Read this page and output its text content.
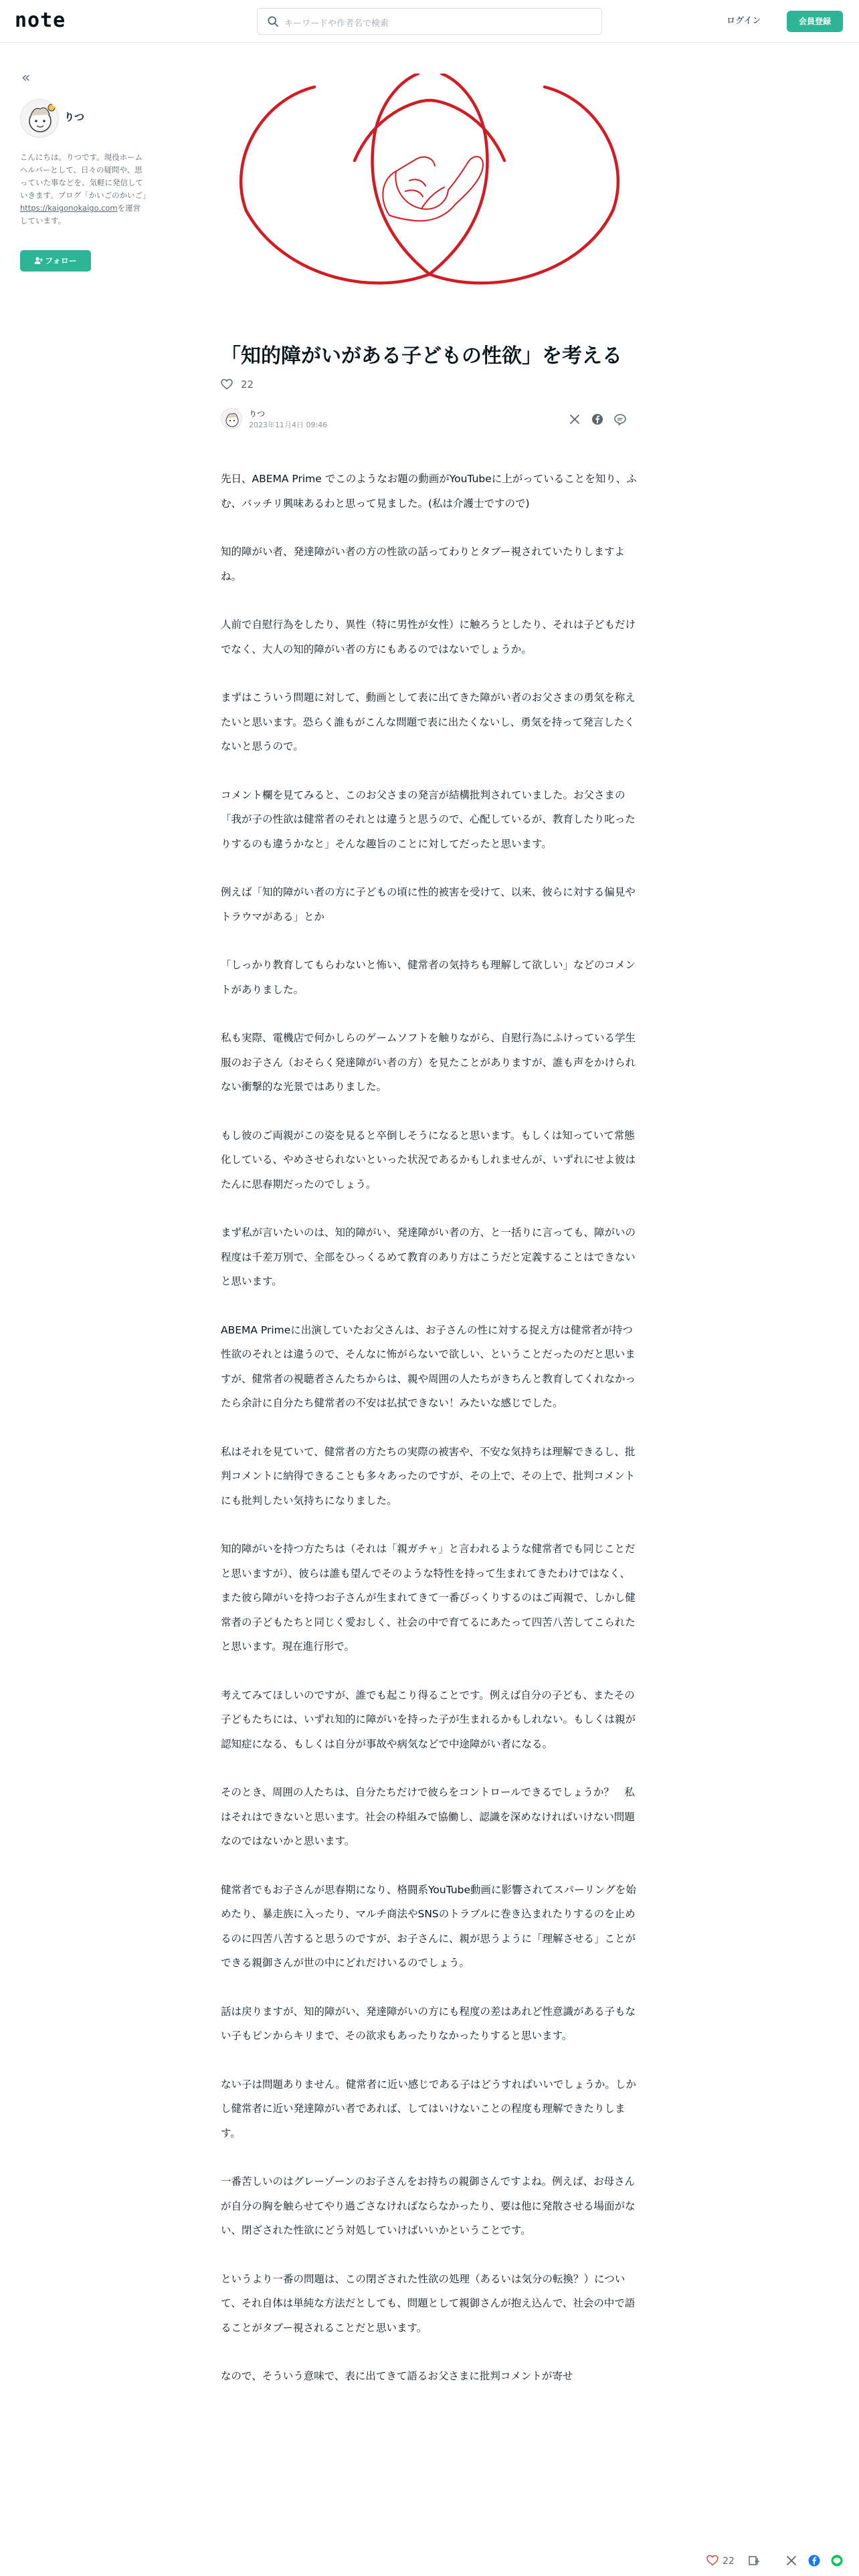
note	キーワードや作者名で検索	ログイン	会員登録
«
りつ
こんにちは。りつです。現役ホームヘルパーとして、日々の疑問や、思っていた事などを、気軽に発信していきます。ブログ「かいごのかいご」https://kaigonokaigo.comを運営しています。
フォロー
「知的障がいがある子どもの性欲」を考える
22
りつ
2023年11月4日 09:46

先日、ABEMA Prime でこのようなお題の動画がYouTubeに上がっていることを知り、ふむ、バッチリ興味あるわと思って見ました。(私は介護士ですので)

知的障がい者、発達障がい者の方の性欲の話ってわりとタブー視されていたりしますよね。

人前で自慰行為をしたり、異性（特に男性が女性）に触ろうとしたり、それは子どもだけでなく、大人の知的障がい者の方にもあるのではないでしょうか。

まずはこういう問題に対して、動画として表に出てきた障がい者のお父さまの勇気を称えたいと思います。恐らく誰もがこんな問題で表に出たくないし、勇気を持って発言したくないと思うので。

コメント欄を見てみると、このお父さまの発言が結構批判されていました。お父さまの「我が子の性欲は健常者のそれとは違うと思うので、心配しているが、教育したり叱ったりするのも違うかなと」そんな趣旨のことに対してだったと思います。

例えば「知的障がい者の方に子どもの頃に性的被害を受けて、以来、彼らに対する偏見やトラウマがある」とか

「しっかり教育してもらわないと怖い、健常者の気持ちも理解して欲しい」などのコメントがありました。

私も実際、電機店で何かしらのゲームソフトを触りながら、自慰行為にふけっている学生服のお子さん（おそらく発達障がい者の方）を見たことがありますが、誰も声をかけられない衝撃的な光景ではありました。

もし彼のご両親がこの姿を見ると卒倒しそうになると思います。もしくは知っていて常態化している、やめさせられないといった状況であるかもしれませんが、いずれにせよ彼はたんに思春期だったのでしょう。

まず私が言いたいのは、知的障がい、発達障がい者の方、と一括りに言っても、障がいの程度は千差万別で、全部をひっくるめて教育のあり方はこうだと定義することはできないと思います。

ABEMA Primeに出演していたお父さんは、お子さんの性に対する捉え方は健常者が持つ性欲のそれとは違うので、そんなに怖がらないで欲しい、ということだったのだと思いますが、健常者の視聴者さんたちからは、親や周囲の人たちがきちんと教育してくれなかったら余計に自分たち健常者の不安は払拭できない！みたいな感じでした。

私はそれを見ていて、健常者の方たちの実際の被害や、不安な気持ちは理解できるし、批判コメントに納得できることも多々あったのですが、その上で、その上で、批判コメントにも批判したい気持ちになりました。

知的障がいを持つ方たちは（それは「親ガチャ」と言われるような健常者でも同じことだと思いますが）、彼らは誰も望んでそのような特性を持って生まれてきたわけではなく、また彼ら障がいを持つお子さんが生まれてきて一番びっくりするのはご両親で、しかし健常者の子どもたちと同じく愛おしく、社会の中で育てるにあたって四苦八苦してこられたと思います。現在進行形で。

考えてみてほしいのですが、誰でも起こり得ることです。例えば自分の子ども、またその子どもたちには、いずれ知的に障がいを持った子が生まれるかもしれない。もしくは親が認知症になる、もしくは自分が事故や病気などで中途障がい者になる。

そのとき、周囲の人たちは、自分たちだけで彼らをコントロールできるでしょうか？　私はそれはできないと思います。社会の枠組みで協働し、認識を深めなければいけない問題なのではないかと思います。

健常者でもお子さんが思春期になり、格闘系YouTube動画に影響されてスパーリングを始めたり、暴走族に入ったり、マルチ商法やSNSのトラブルに巻き込まれたりするのを止めるのに四苦八苦すると思うのですが、お子さんに、親が思うように「理解させる」ことができる親御さんが世の中にどれだけいるのでしょう。

話は戻りますが、知的障がい、発達障がいの方にも程度の差はあれど性意識がある子もない子もピンからキリまで、その欲求もあったりなかったりすると思います。

ない子は問題ありません。健常者に近い感じである子はどうすればいいでしょうか。しかし健常者に近い発達障がい者であれば、してはいけないことの程度も理解できたりします。

一番苦しいのはグレーゾーンのお子さんをお持ちの親御さんですよね。例えば、お母さんが自分の胸を触らせてやり過ごさなければならなかったり、要は他に発散させる場面がない、閉ざされた性欲にどう対処していけばいいかということです。

というより一番の問題は、この閉ざされた性欲の処理（あるいは気分の転換？）について、それ自体は単純な方法だとしても、問題として親御さんが抱え込んで、社会の中で語ることがタブー視されることだと思います。

なので、そういう意味で、表に出てきて語るお父さまに批判コメントが寄せ

22
